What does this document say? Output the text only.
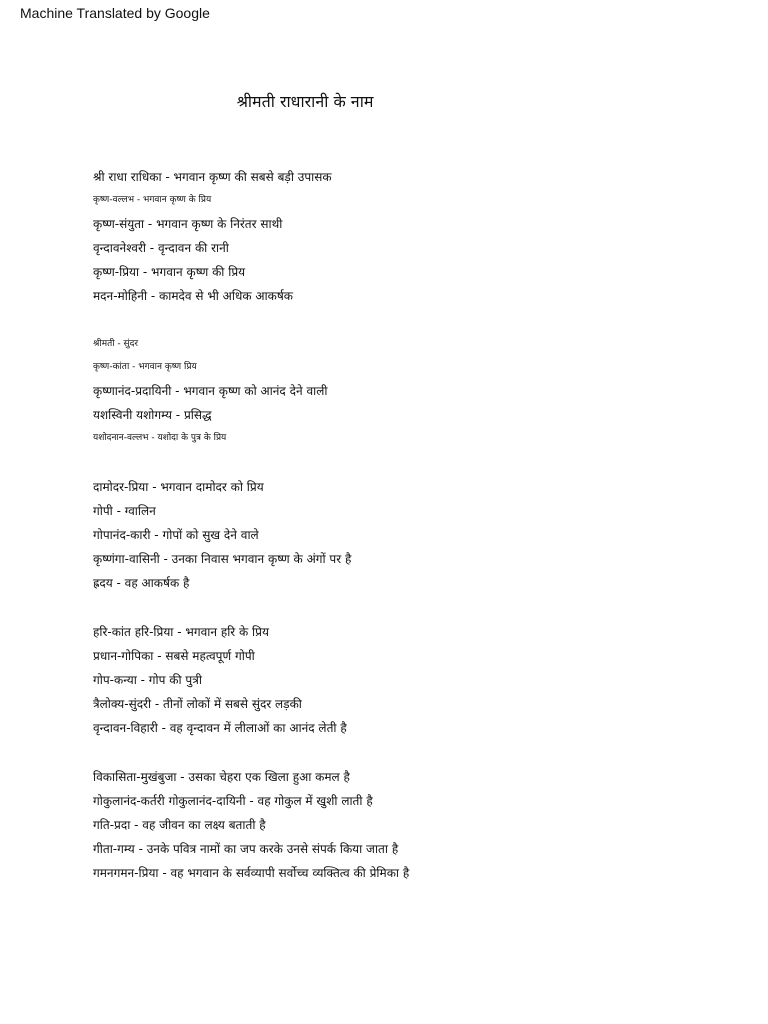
Machine Translated by Google
श्रीमती राधारानी के नाम

श्री राधा राधिका - भगवान कृष्ण की सबसे बड़ी उपासक

कृष्ण-वल्लभ - भगवान कृष्ण के प्रिय

कृष्ण-संयुता - भगवान कृष्ण के निरंतर साथी

वृन्दावनेश्वरी - वृन्दावन की रानी

कृष्ण-प्रिया - भगवान कृष्ण की प्रिय

मदन-मोहिनी - कामदेव से भी अधिक आकर्षक

श्रीमती - सुंदर

कृष्ण-कांता - भगवान कृष्ण प्रिय

कृष्णानंद-प्रदायिनी - भगवान कृष्ण को आनंद देने वाली

यशस्विनी यशोगम्य - प्रसिद्ध

यशोदनान-वल्लभ - यशोदा के पुत्र के प्रिय

दामोदर-प्रिया - भगवान दामोदर को प्रिय

गोपी - ग्वालिन

गोपानंद-कारी - गोपों को सुख देने वाले

कृष्णंगा-वासिनी - उनका निवास भगवान कृष्ण के अंगों पर है

ह्रदय - वह आकर्षक है

हरि-कांत हरि-प्रिया - भगवान हरि के प्रिय

प्रधान-गोपिका - सबसे महत्वपूर्ण गोपी

गोप-कन्या - गोप की पुत्री

त्रैलोक्य-सुंदरी - तीनों लोकों में सबसे सुंदर लड़की

वृन्दावन-विहारी - वह वृन्दावन में लीलाओं का आनंद लेती है

विकासिता-मुखंबुजा - उसका चेहरा एक खिला हुआ कमल है

गोकुलानंद-कर्तरी गोकुलानंद-दायिनी - वह गोकुल में खुशी लाती है

गति-प्रदा - वह जीवन का लक्ष्य बताती है

गीता-गम्य - उनके पवित्र नामों का जप करके उनसे संपर्क किया जाता है

गमनगमन-प्रिया - वह भगवान के सर्वव्यापी सर्वोच्च व्यक्तित्व की प्रेमिका है
